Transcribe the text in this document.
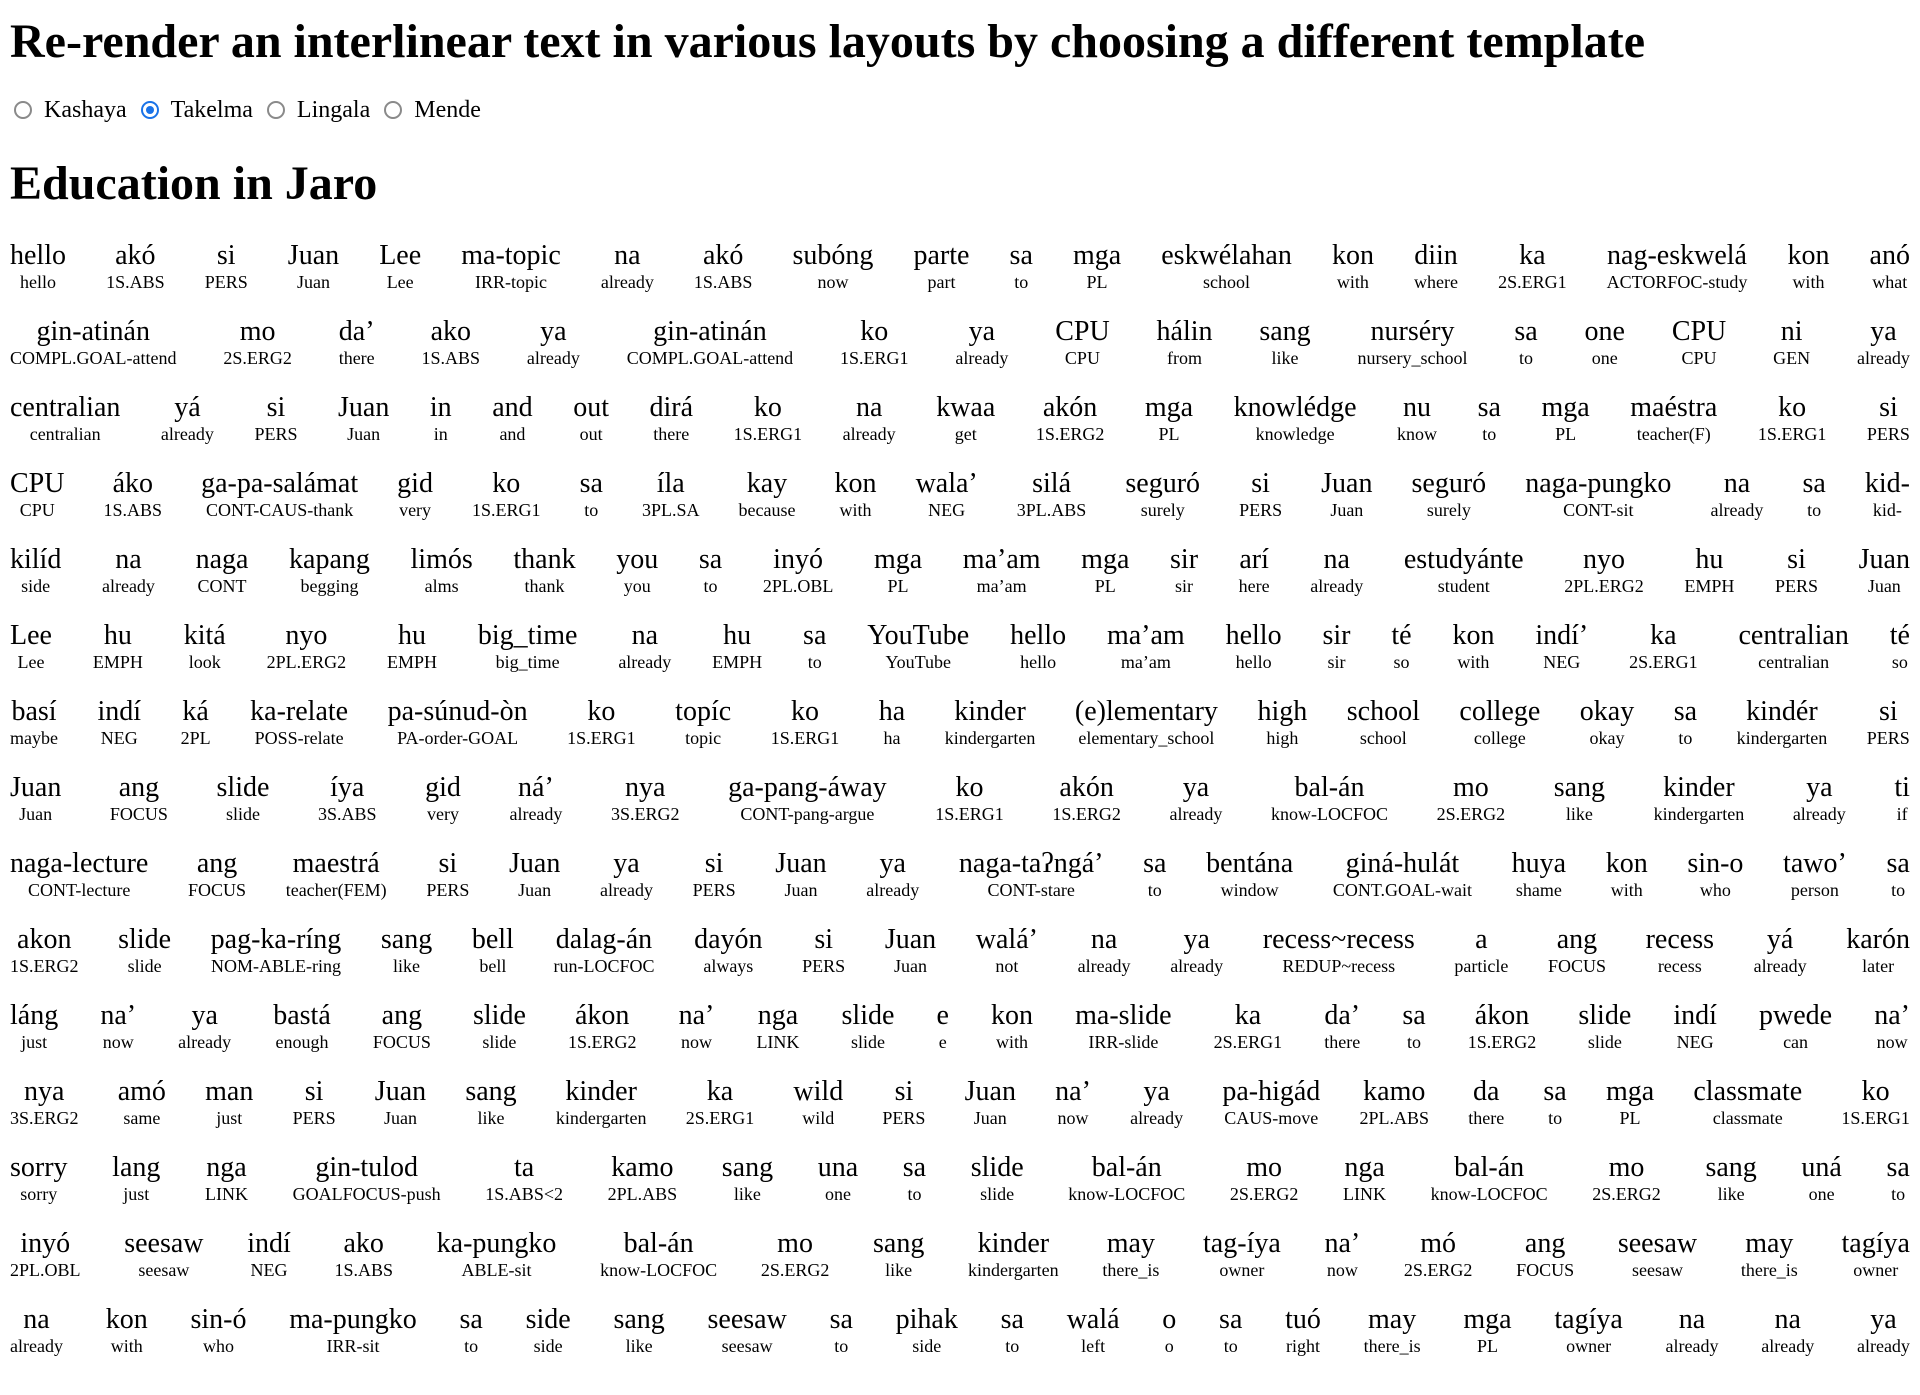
Re-render an interlinear text in various layouts by choosing a different template
Kashaya Takelma Lingala Mende
Education in Jaro
hello
hello
akó
1S.ABS
si
PERS
Juan
Juan
Lee
Lee
ma-topic
IRR-topic
na
already
akó
1S.ABS
subóng
now
parte
part
sa
to
mga
PL
eskwélahan
school
kon
with
diin
where
ka
2S.ERG1
nag-eskwelá
ACTORFOC-study
kon
with
anó
what
gin-atinán
COMPL.GOAL-attend
mo
2S.ERG2
da’
there
ako
1S.ABS
ya
already
gin-atinán
COMPL.GOAL-attend
ko
1S.ERG1
ya
already
CPU
CPU
hálin
from
sang
like
nurséry
nursery_school
sa
to
one
one
CPU
CPU
ni
GEN
ya
already
centralian
centralian
yá
already
si
PERS
Juan
Juan
in
in
and
and
out
out
dirá
there
ko
1S.ERG1
na
already
kwaa
get
akón
1S.ERG2
mga
PL
knowlédge
knowledge
nu
know
sa
to
mga
PL
maéstra
teacher(F)
ko
1S.ERG1
si
PERS
CPU
CPU
áko
1S.ABS
ga-pa-salámat
CONT-CAUS-thank
gid
very
ko
1S.ERG1
sa
to
íla
3PL.SA
kay
because
kon
with
wala’
NEG
silá
3PL.ABS
seguró
surely
si
PERS
Juan
Juan
seguró
surely
naga-pungko
CONT-sit
na
already
sa
to
kid-
kid-
kilíd
side
na
already
naga
CONT
kapang
begging
limós
alms
thank
thank
you
you
sa
to
inyó
2PL.OBL
mga
PL
ma’am
ma’am
mga
PL
sir
sir
arí
here
na
already
estudyánte
student
nyo
2PL.ERG2
hu
EMPH
si
PERS
Juan
Juan
Lee
Lee
hu
EMPH
kitá
look
nyo
2PL.ERG2
hu
EMPH
big_time
big_time
na
already
hu
EMPH
sa
to
YouTube
YouTube
hello
hello
ma’am
ma’am
hello
hello
sir
sir
té
so
kon
with
indí’
NEG
ka
2S.ERG1
centralian
centralian
té
so
basí
maybe
indí
NEG
ká
2PL
ka-relate
POSS-relate
pa-súnud-òn
PA-order-GOAL
ko
1S.ERG1
topíc
topic
ko
1S.ERG1
ha
ha
kinder
kindergarten
(e)lementary
elementary_school
high
high
school
school
college
college
okay
okay
sa
to
kindér
kindergarten
si
PERS
Juan
Juan
ang
FOCUS
slide
slide
íya
3S.ABS
gid
very
ná’
already
nya
3S.ERG2
ga-pang-áway
CONT-pang-argue
ko
1S.ERG1
akón
1S.ERG2
ya
already
bal-án
know-LOCFOC
mo
2S.ERG2
sang
like
kinder
kindergarten
ya
already
ti
if
naga-lecture
CONT-lecture
ang
FOCUS
maestrá
teacher(FEM)
si
PERS
Juan
Juan
ya
already
si
PERS
Juan
Juan
ya
already
naga-taʔngá’
CONT-stare
sa
to
bentána
window
giná-hulát
CONT.GOAL-wait
huya
shame
kon
with
sin-o
who
tawo’
person
sa
to
akon
1S.ERG2
slide
slide
pag-ka-ríng
NOM-ABLE-ring
sang
like
bell
bell
dalag-án
run-LOCFOC
dayón
always
si
PERS
Juan
Juan
walá’
not
na
already
ya
already
recess~recess
REDUP~recess
a
particle
ang
FOCUS
recess
recess
yá
already
karón
later
láng
just
na’
now
ya
already
bastá
enough
ang
FOCUS
slide
slide
ákon
1S.ERG2
na’
now
nga
LINK
slide
slide
e
e
kon
with
ma-slide
IRR-slide
ka
2S.ERG1
da’
there
sa
to
ákon
1S.ERG2
slide
slide
indí
NEG
pwede
can
na’
now
nya
3S.ERG2
amó
same
man
just
si
PERS
Juan
Juan
sang
like
kinder
kindergarten
ka
2S.ERG1
wild
wild
si
PERS
Juan
Juan
na’
now
ya
already
pa-higád
CAUS-move
kamo
2PL.ABS
da
there
sa
to
mga
PL
classmate
classmate
ko
1S.ERG1
sorry
sorry
lang
just
nga
LINK
gin-tulod
GOALFOCUS-push
ta
1S.ABS<2
kamo
2PL.ABS
sang
like
una
one
sa
to
slide
slide
bal-án
know-LOCFOC
mo
2S.ERG2
nga
LINK
bal-án
know-LOCFOC
mo
2S.ERG2
sang
like
uná
one
sa
to
inyó
2PL.OBL
seesaw
seesaw
indí
NEG
ako
1S.ABS
ka-pungko
ABLE-sit
bal-án
know-LOCFOC
mo
2S.ERG2
sang
like
kinder
kindergarten
may
there_is
tag-íya
owner
na’
now
mó
2S.ERG2
ang
FOCUS
seesaw
seesaw
may
there_is
tagíya
owner
na
already
kon
with
sin-ó
who
ma-pungko
IRR-sit
sa
to
side
side
sang
like
seesaw
seesaw
sa
to
pihak
side
sa
to
walá
left
o
o
sa
to
tuó
right
may
there_is
mga
PL
tagíya
owner
na
already
na
already
ya
already
